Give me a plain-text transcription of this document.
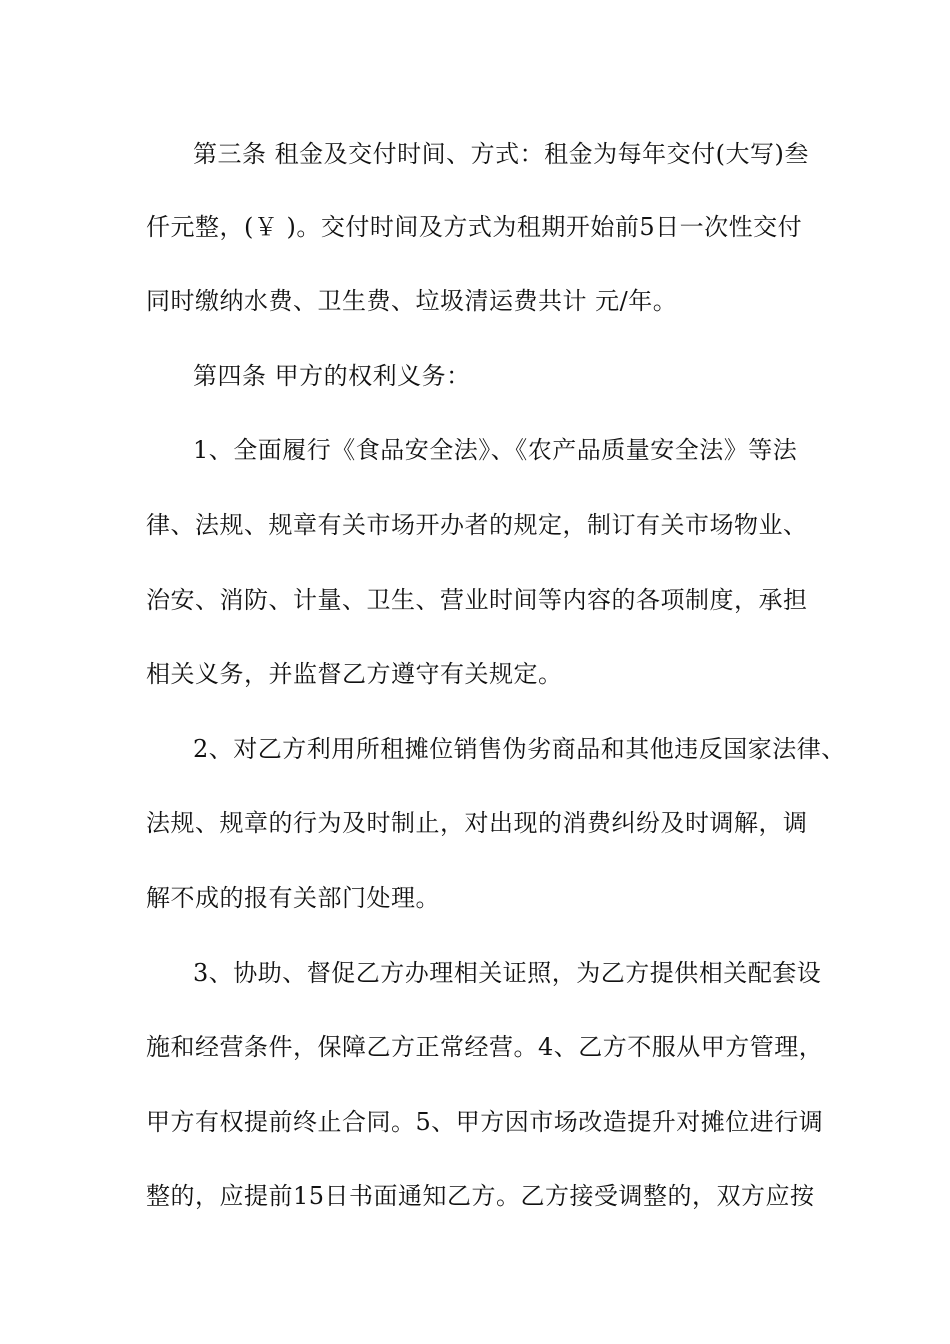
第三条 租金及交付时间、方式：租金为每年交付(大写)叁
仟元整，(￥ )。交付时间及方式为租期开始前5日一次性交付
同时缴纳水费、卫生费、垃圾清运费共计 元/年。
第四条 甲方的权利义务：
1、全面履行《食品安全法》、《农产品质量安全法》等法
律、法规、规章有关市场开办者的规定，制订有关市场物业、
治安、消防、计量、卫生、营业时间等内容的各项制度，承担
相关义务，并监督乙方遵守有关规定。
2、对乙方利用所租摊位销售伪劣商品和其他违反国家法律、
法规、规章的行为及时制止，对出现的消费纠纷及时调解，调
解不成的报有关部门处理。
3、协助、督促乙方办理相关证照，为乙方提供相关配套设
施和经营条件，保障乙方正常经营。4、乙方不服从甲方管理，
甲方有权提前终止合同。5、甲方因市场改造提升对摊位进行调
整的，应提前15日书面通知乙方。乙方接受调整的，双方应按
